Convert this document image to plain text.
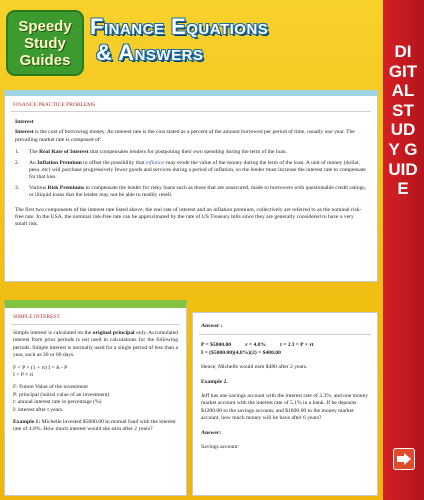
Speedy
Study
Guides
Finance Equations
& Answers	DIGITAL STUDY GUIDE
FINANCE PRACTICE PROBLEMS
Interest
Interest is the cost of borrowing money. An interest rate is the cost stated as a percent of the amount borrowed per period of time, usually one year. The prevailing market rate is composed of:
1.	The Real Rate of Interest that compensates lenders for postponing their own spending during the term of the loan.
2.	An Inflation Premium to offset the possibility that inflation may erode the value of the money during the term of the loan. A unit of money (dollar, peso, etc) will purchase progressively fewer goods and services during a period of inflation, so the lender must increase the interest rate to compensate for that loss.
3.	Various Risk Premiums to compensate the lender for risky loans such as those that are unsecured, made to borrowers with questionable credit ratings, or illiquid loans that the lender may not be able to readily resell.
The first two components of the interest rate listed above, the real rate of interest and an inflation premium, collectively are referred to as the nominal risk-free rate. In the USA, the nominal risk-free rate can be approximated by the rate of US Treasury bills since they are generally considered to have a very small risk.
SIMPLE INTEREST
Simple interest is calculated on the original principal only. Accumulated interest from prior periods is not used in calculations for the following periods. Simple interest is normally used for a single period of less than a year, such as 30 or 60 days.
F = P × (1 + rt) I = A - P
I = P × rt
F: Future Value of the investment
P: principal (initial value of an investment)
r: annual interest rate in percentage (%)
I: interest after t years.
Example 1: Michelle invested $5000.00 in mutual fund with the interest rate of 4.8%. How much interest would she earn after 2 years?
Answer :
P = $5000.00	r = 4.8%	t = 2 I = P × rt
I = ($5000.00)(4.8%)(2) = $480.00
Hence, Michelle would earn $480 after 2 years.
Example 2.
Jeff has one savings account with the interest rate of 3.3%, and one money market account with the interest rate of 5.1% in a bank. If he deposits $1200.00 to the savings account, and $1800.00 to the money market account, how much money will he have after 6 years?
Answer:
Savings account:
